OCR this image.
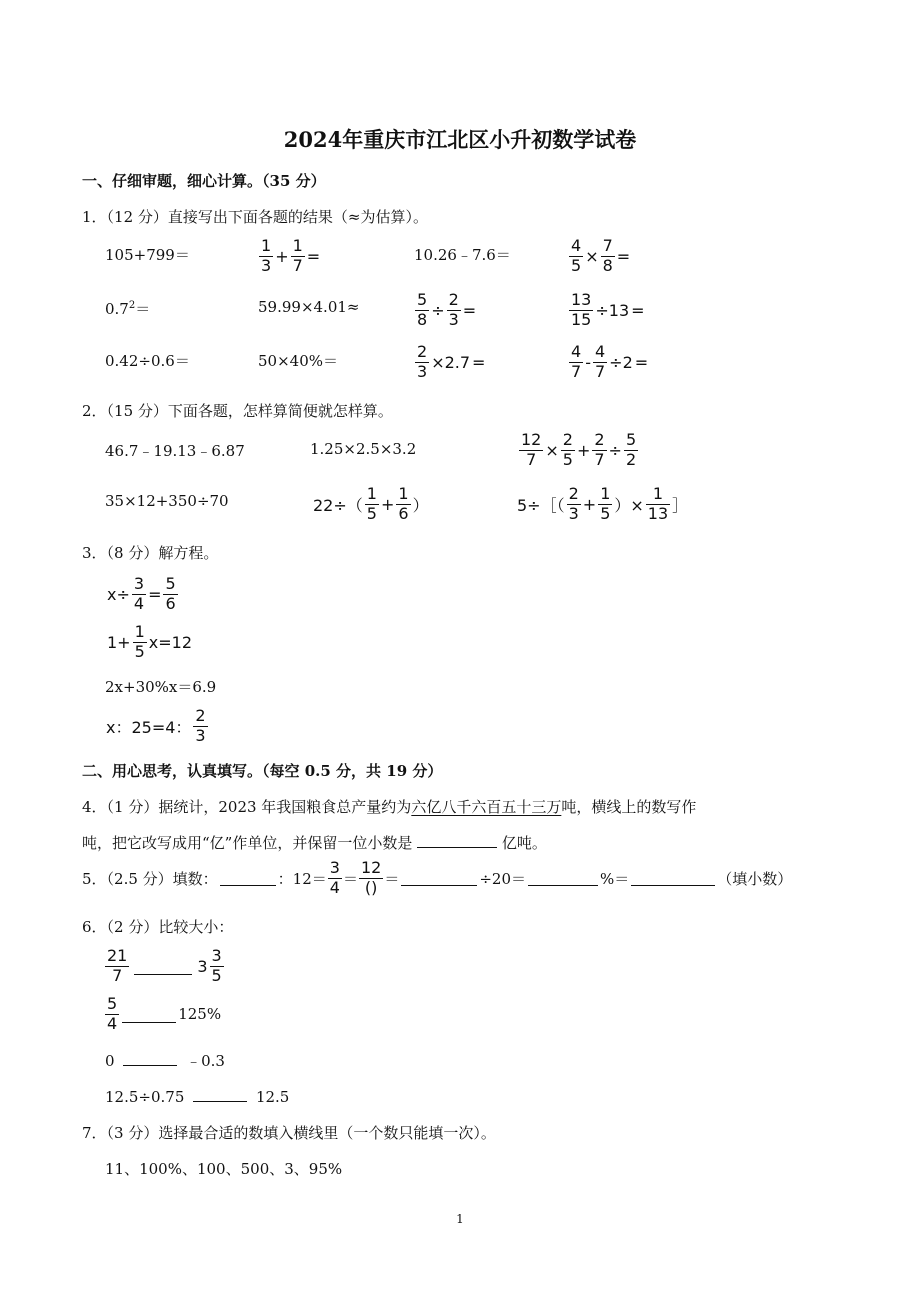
2024年重庆市江北区小升初数学试卷
一、仔细审题，细心计算。（35 分）
1．（12 分）直接写出下面各题的结果（≈为估算）。
105+799＝	$\frac{1}{3} + \frac{1}{7}$ =	10.26﹣7.6＝	$\frac{4}{5} \times \frac{7}{8}$ =
$0.7^2=$	59.99×4.01≈	$\frac{5}{8} \div \frac{2}{3}$ =	$\frac{13}{15} \div 13$ =
0.42÷0.6＝	50×40%＝	$\frac{2}{3} \times 2.7$ =	$\frac{4}{7} - \frac{4}{7} \div 2$ =
2．（15 分）下面各题，怎样算简便就怎样算。
46.7﹣19.13﹣6.87	1.25×2.5×3.2	$\frac{12}{7} \times \frac{2}{5} + \frac{2}{7} \div \frac{5}{2}$
35×12+350÷70	$22\div( \frac{1}{5} + \frac{1}{6}$ ）	5÷［（ $\frac{2}{3} + \frac{1}{5}$ ）× $\frac{1}{13}$ ］
3．（8 分）解方程。
$x\div \frac{3}{4} = \frac{5}{6}$
$1+ \frac{1}{5} x=12$
2x+30%x＝6.9
x：25=4： $\frac{2}{3}$
二、用心思考，认真填写。（每空 0.5 分，共 19 分）
4．（1 分）据统计，2023 年我国粮食总产量约为六亿八千六百五十三万吨，横线上的数写作
吨，把它改写成用“亿”作单位，并保留一位小数是	亿吨。
5．（2.5 分）填数：	：$12= \frac{3}{4} = \frac{12}{()}$ ＝	÷20＝	%＝	（填小数）
6．（2 分）比较大小：
$\frac{21}{7}$	$3 \frac{3}{5}$
$\frac{5}{4}$	125%
0	﹣0.3
12.5÷0.75	12.5
7．（3 分）选择最合适的数填入横线里（一个数只能填一次）。
11、100%、100、500、3、95%
1
